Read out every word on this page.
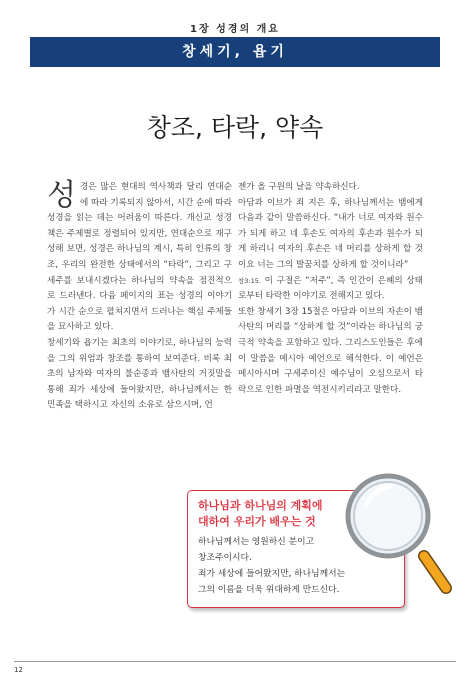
1장 성경의 개요
창세기, 욥기
창조, 타락, 약속

성경은 많은 현대의 역사책과 달리 연대순에 따라 기록되지 않아서, 시간 순에 따라 성경을 읽는 데는 어려움이 따른다. 개신교 성경책은 주제별로 정렬되어 있지만, 연대순으로 재구성해 보면, 성경은 하나님의 계시, 특히 인류의 창조, 우리의 완전한 상태에서의 “타락”, 그리고 구세주를 보내시겠다는 하나님의 약속을 점진적으로 드러낸다. 다음 페이지의 표는 성경의 이야기가 시간 순으로 펼쳐지면서 드러나는 핵심 주제들을 묘사하고 있다.

창세기와 욥기는 최초의 이야기로, 하나님의 능력을 그의 위엄과 창조를 통하여 보여준다. 비록 최초의 남자와 여자의 불순종과 뱀사탄의 거짓말을 통해 죄가 세상에 들어왔지만, 하나님께서는 한 민족을 택하시고 자신의 소유로 삼으시며, 언

젠가 올 구원의 날을 약속하신다.

아담과 이브가 죄 지은 후, 하나님께서는 뱀에게 다음과 같이 말씀하신다. “내가 너로 여자와 원수가 되게 하고 네 후손도 여자의 후손과 원수가 되게 하리니 여자의 후손은 네 머리를 상하게 할 것이요 너는 그의 발꿈치를 상하게 할 것이니라”
창3:15. 이 구절은 “저주”, 즉 인간이 은혜의 상태로부터 타락한 이야기로 전해지고 있다.

또한 창세기 3장 15절은 아담과 이브의 자손이 뱀사탄의 머리를 “상하게 할 것”이라는 하나님의 궁극적 약속을 포함하고 있다. 그리스도인들은 후에 이 말씀을 메시아 예언으로 해석한다. 이 예언은 메시아시며 구세주이신 예수님이 오심으로서 타락으로 인한 파멸을 역전시키리라고 말한다.

하나님과 하나님의 계획에
대하여 우리가 배우는 것
하나님께서는 영원하신 분이고
창조주이시다.
죄가 세상에 들어왔지만, 하나님께서는
그의 이름을 더욱 위대하게 만드신다.
12
